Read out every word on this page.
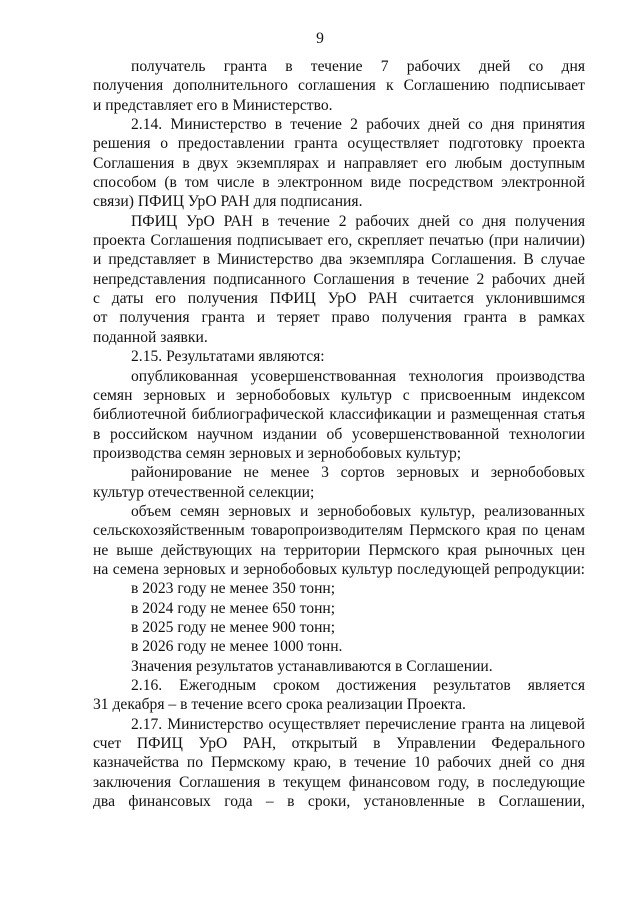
9
получатель гранта в течение 7 рабочих дней со дня
получения дополнительного соглашения к Соглашению подписывает
и представляет его в Министерство.
2.14. Министерство в течение 2 рабочих дней со дня принятия
решения о предоставлении гранта осуществляет подготовку проекта
Соглашения в двух экземплярах и направляет его любым доступным
способом (в том числе в электронном виде посредством электронной
связи) ПФИЦ УрО РАН для подписания.
ПФИЦ УрО РАН в течение 2 рабочих дней со дня получения
проекта Соглашения подписывает его, скрепляет печатью (при наличии)
и представляет в Министерство два экземпляра Соглашения. В случае
непредставления подписанного Соглашения в течение 2 рабочих дней
с даты его получения ПФИЦ УрО РАН считается уклонившимся
от получения гранта и теряет право получения гранта в рамках
поданной заявки.
2.15. Результатами являются:
опубликованная усовершенствованная технология производства
семян зерновых и зернобобовых культур с присвоенным индексом
библиотечной библиографической классификации и размещенная статья
в российском научном издании об усовершенствованной технологии
производства семян зерновых и зернобобовых культур;
районирование не менее 3 сортов зерновых и зернобобовых
культур отечественной селекции;
объем семян зерновых и зернобобовых культур, реализованных
сельскохозяйственным товаропроизводителям Пермского края по ценам
не выше действующих на территории Пермского края рыночных цен
на семена зерновых и зернобобовых культур последующей репродукции:
в 2023 году не менее 350 тонн;
в 2024 году не менее 650 тонн;
в 2025 году не менее 900 тонн;
в 2026 году не менее 1000 тонн.
Значения результатов устанавливаются в Соглашении.
2.16. Ежегодным сроком достижения результатов является
31 декабря – в течение всего срока реализации Проекта.
2.17. Министерство осуществляет перечисление гранта на лицевой
счет ПФИЦ УрО РАН, открытый в Управлении Федерального
казначейства по Пермскому краю, в течение 10 рабочих дней со дня
заключения Соглашения в текущем финансовом году, в последующие
два финансовых года – в сроки, установленные в Соглашении,
